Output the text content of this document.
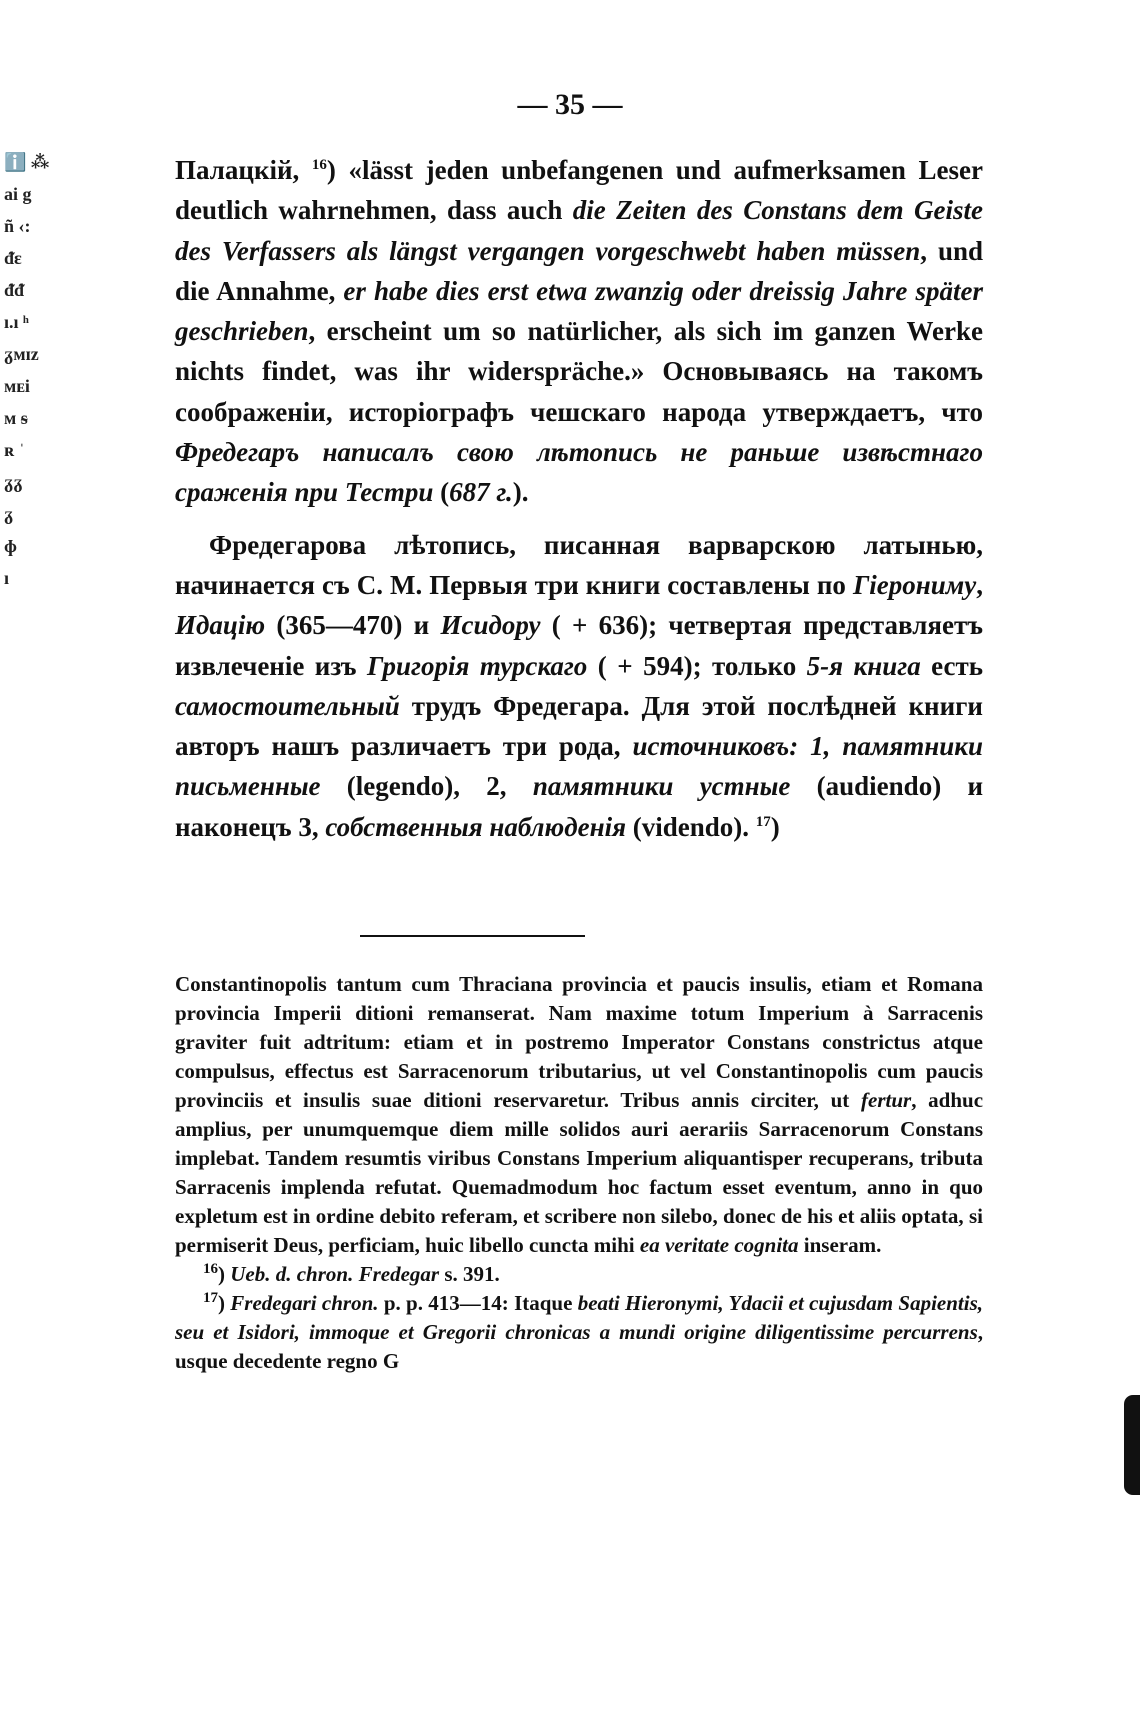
— 35 —
ℹ️ ⁂
ai g
ñ ‹:
ᵭɛ
ᵭᵭ
ı.ı ʰ
ᵹᴍɪᴢ
ᴍᴇi
ᴍ ᵴ
ʀ ˈ
ᵹᵹ
ᵹ
ɸ
ı

Палацкій, $^{16}$) «lässt jeden unbefangenen und aufmerksamen Leser deutlich wahrnehmen, dass auch die Zeiten des Constans dem Geiste des Verfassers als längst vergangen vorgeschwebt haben müssen, und die Annahme, er habe dies erst etwa zwanzig oder dreissig Jahre später geschrieben, erscheint um so natürlicher, als sich im ganzen Werke nichts findet, was ihr widerspräche.» Основываясь на такомъ соображеніи, исторіографъ чешскаго народа утверждаетъ, что Фредегаръ написалъ свою лѣтопись не раньше извѣстнаго сраженія при Тестри (687 г.).

Фредегарова лѣтопись, писанная варварскою латынью, начинается съ С. М. Первыя три книги составлены по Гіерониму, Идацію (365—470) и Исидору ( + 636); четвертая представляетъ извлеченіе изъ Григорія турскаго ( + 594); только 5-я книга есть самостоительный трудъ Фредегара. Для этой послѣдней книги авторъ нашъ различаетъ три рода, источниковъ: 1, памятники письменные (legendo), 2, памятники устные (audiendo) и наконецъ 3, собственныя наблюденія (videndo). $^{17}$)

Constantinopolis tantum cum Thraciana provincia et paucis insulis, etiam et Romana provincia Imperii ditioni remanserat. Nam maxime totum Imperium à Sarracenis graviter fuit adtritum: etiam et in postremo Imperator Constans constrictus atque compulsus, effectus est Sarracenorum tributarius, ut vel Constantinopolis cum paucis provinciis et insulis suae ditioni reservaretur. Tribus annis circiter, ut fertur, adhuc amplius, per unumquemque diem mille solidos auri aerariis Sarracenorum Constans implebat. Tandem resumtis viribus Constans Imperium aliquantisper recuperans, tributa Sarracenis implenda refutat. Quemadmodum hoc factum esset eventum, anno in quo expletum est in ordine debito referam, et scribere non silebo, donec de his et aliis optata, si permiserit Deus, perficiam, huic libello cuncta mihi ea veritate cognita inseram.

$^{16}$) Ueb. d. chron. Fredegar s. 391.

$^{17}$) Fredegari chron. p. p. 413—14: Itaque beati Hieronymi, Ydacii et cujusdam Sapientis, seu et Isidori, immoque et Gregorii chronicas a mundi origine diligentissime percurrens, usque decedente regno G
